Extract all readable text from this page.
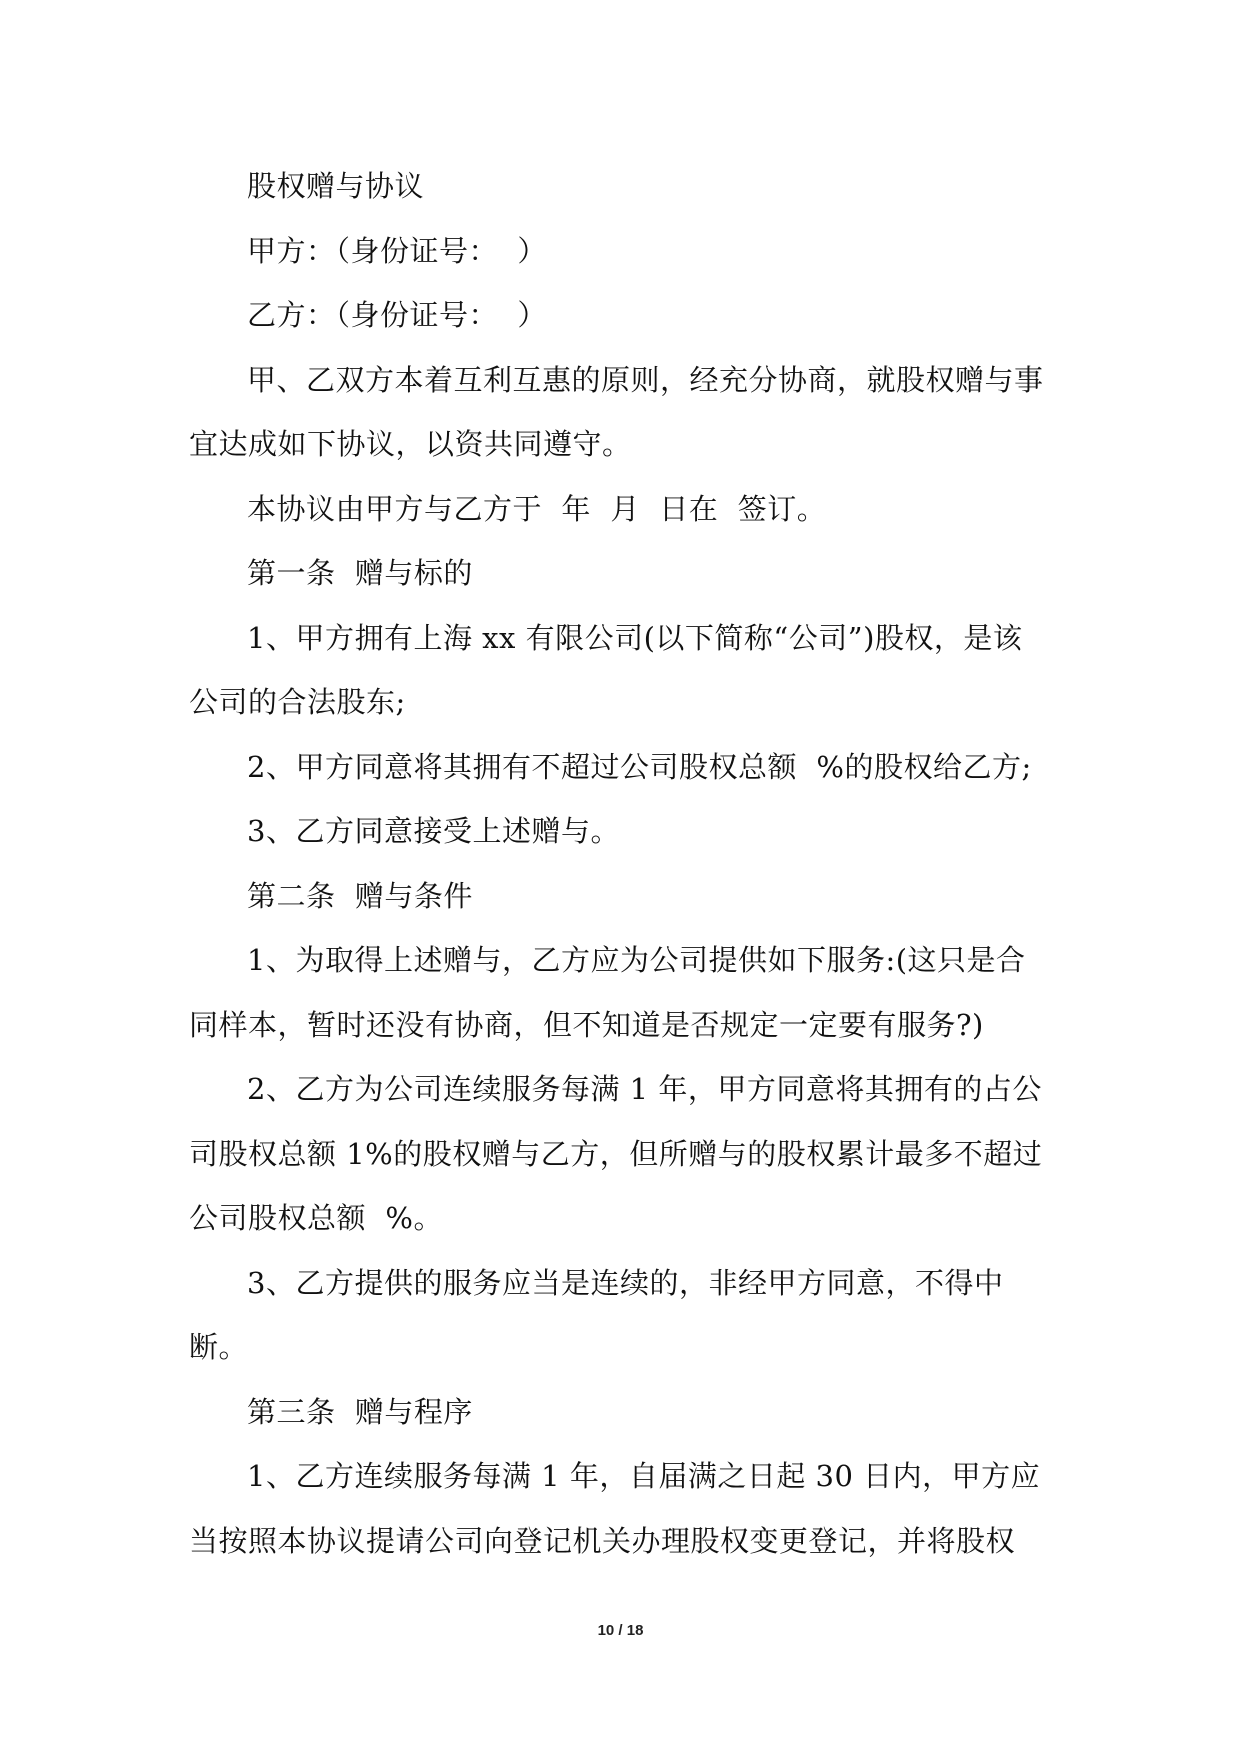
股权赠与协议

甲方：（身份证号：  ）

乙方：（身份证号：  ）

甲、乙双方本着互利互惠的原则，经充分协商，就股权赠与事宜达成如下协议，以资共同遵守。

本协议由甲方与乙方于  年  月  日在  签订。

第一条  赠与标的

1、甲方拥有上海 xx 有限公司(以下简称“公司”)股权，是该公司的合法股东;

2、甲方同意将其拥有不超过公司股权总额  %的股权给乙方;

3、乙方同意接受上述赠与。

第二条  赠与条件

1、为取得上述赠与，乙方应为公司提供如下服务:(这只是合同样本，暂时还没有协商，但不知道是否规定一定要有服务?)

2、乙方为公司连续服务每满 1 年，甲方同意将其拥有的占公司股权总额 1%的股权赠与乙方，但所赠与的股权累计最多不超过公司股权总额  %。

3、乙方提供的服务应当是连续的，非经甲方同意，不得中断。

第三条  赠与程序

1、乙方连续服务每满 1 年，自届满之日起 30 日内，甲方应当按照本协议提请公司向登记机关办理股权变更登记，并将股权

10 / 18
